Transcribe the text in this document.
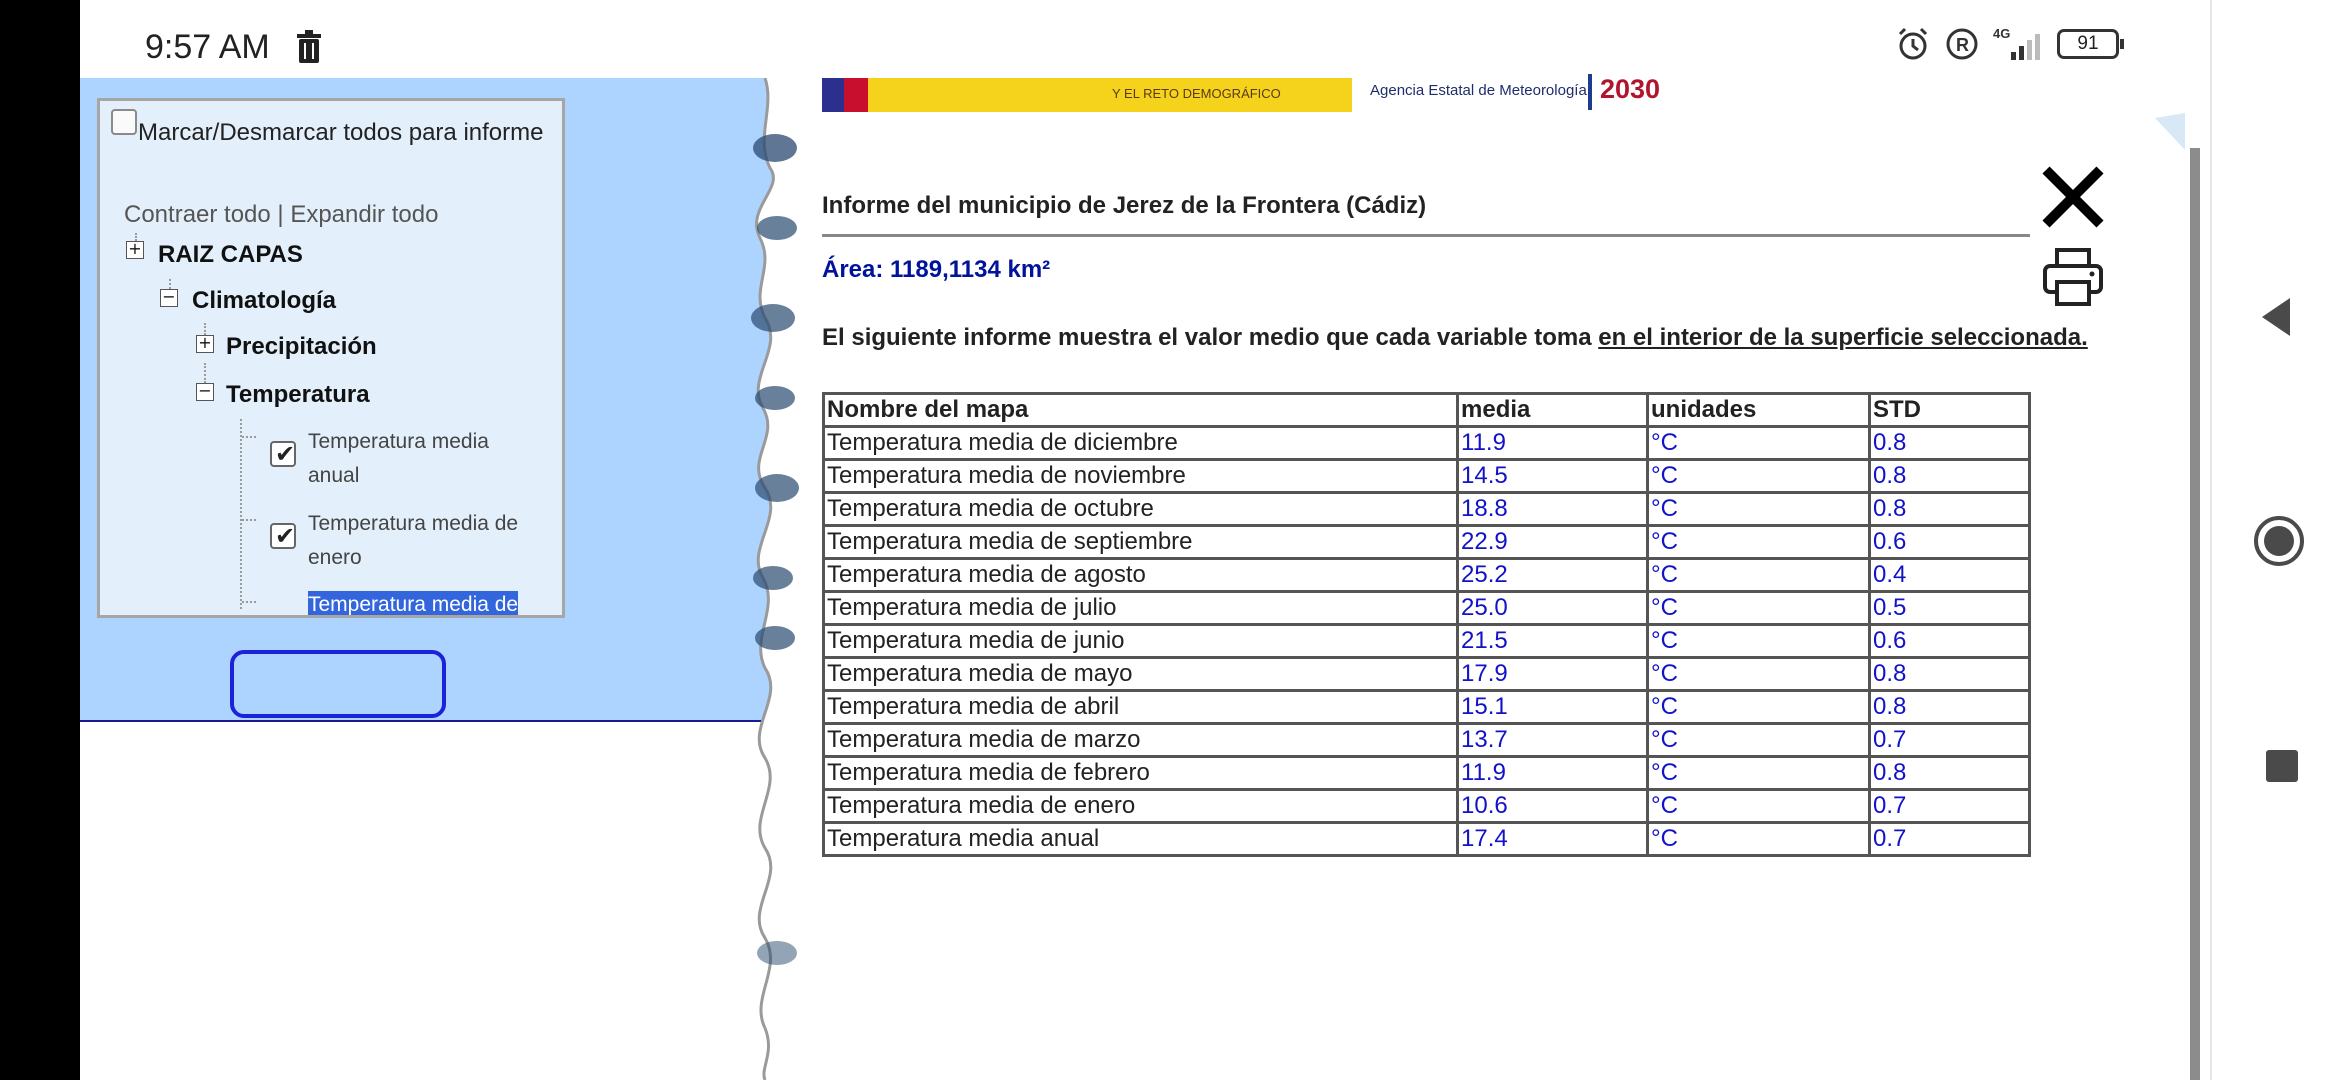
9:57 AM	R
4G	91
Marcar/Desmarcar todos para informe
Contraer todo | Expandir todo
+ RAIZ CAPAS
− Climatología
+ Precipitación
− Temperatura
✔
Temperatura media anual
✔
Temperatura media de enero
Temperatura media de
Y EL RETO DEMOGRÁFICO	Agencia Estatal de Meteorología 2030
Informe del municipio de Jerez de la Frontera (Cádiz)
Área: 1189,1134 km²
El siguiente informe muestra el valor medio que cada variable toma en el interior de la superficie seleccionada.
Nombre del mapa	media	unidades	STD
Temperatura media de diciembre	11.9	°C	0.8
Temperatura media de noviembre	14.5	°C	0.8
Temperatura media de octubre	18.8	°C	0.8
Temperatura media de septiembre	22.9	°C	0.6
Temperatura media de agosto	25.2	°C	0.4
Temperatura media de julio	25.0	°C	0.5
Temperatura media de junio	21.5	°C	0.6
Temperatura media de mayo	17.9	°C	0.8
Temperatura media de abril	15.1	°C	0.8
Temperatura media de marzo	13.7	°C	0.7
Temperatura media de febrero	11.9	°C	0.8
Temperatura media de enero	10.6	°C	0.7
Temperatura media anual	17.4	°C	0.7
